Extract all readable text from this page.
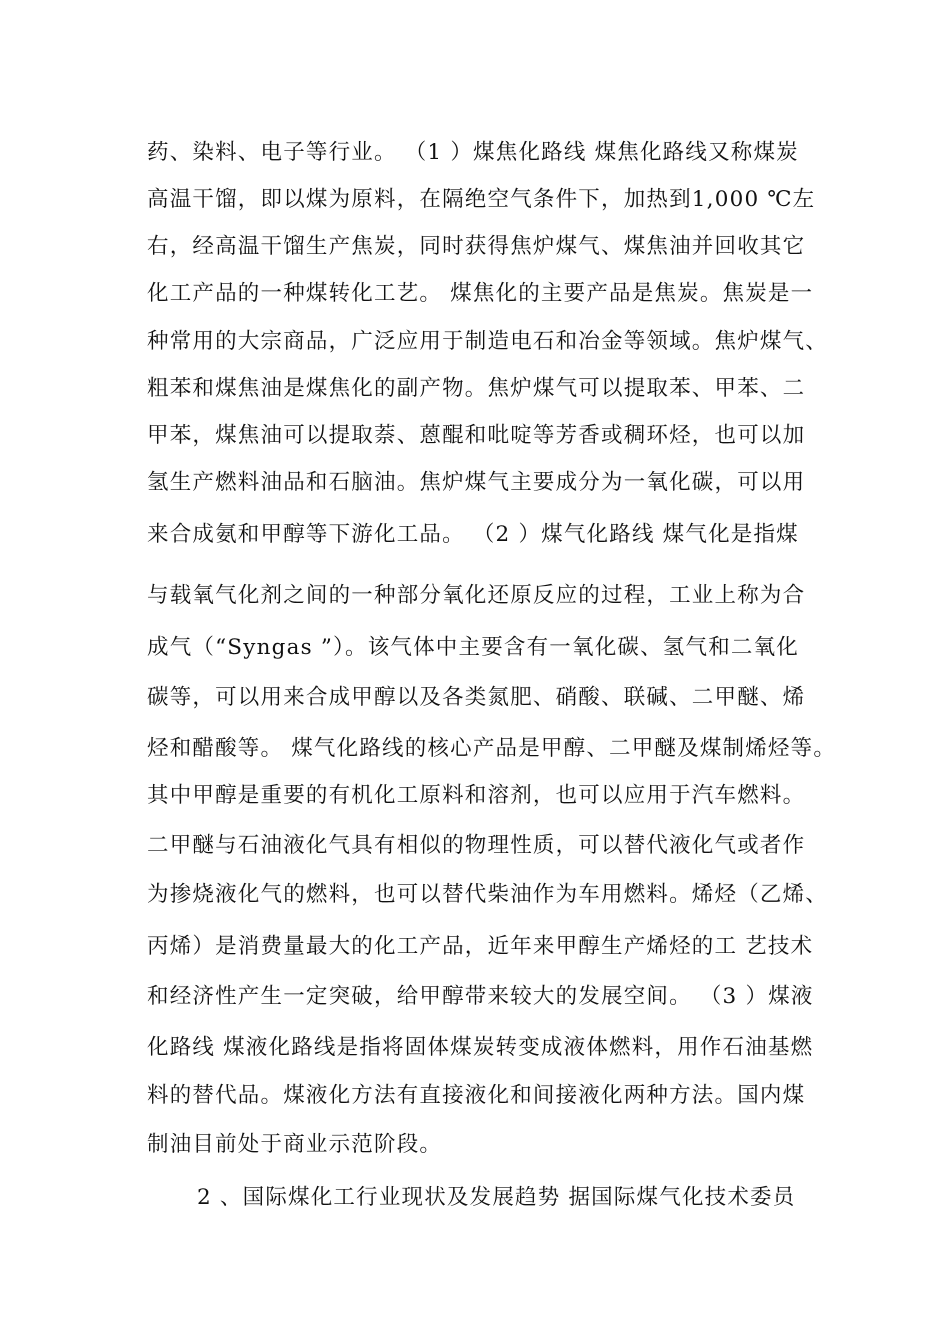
药、染料、电子等行业。 （1 ）煤焦化路线 煤焦化路线又称煤炭
高温干馏，即以煤为原料，在隔绝空气条件下，加热到1,000 ℃左
右，经高温干馏生产焦炭，同时获得焦炉煤气、煤焦油并回收其它
化工产品的一种煤转化工艺。 煤焦化的主要产品是焦炭。焦炭是一
种常用的大宗商品，广泛应用于制造电石和冶金等领域。焦炉煤气、
粗苯和煤焦油是煤焦化的副产物。焦炉煤气可以提取苯、甲苯、二
甲苯，煤焦油可以提取萘、蒽醌和吡啶等芳香或稠环烃，也可以加
氢生产燃料油品和石脑油。焦炉煤气主要成分为一氧化碳，可以用
来合成氨和甲醇等下游化工品。 （2 ）煤气化路线 煤气化是指煤
与载氧气化剂之间的一种部分氧化还原反应的过程，工业上称为合
成气（“Syngas ”）。该气体中主要含有一氧化碳、氢气和二氧化
碳等，可以用来合成甲醇以及各类氮肥、硝酸、联碱、二甲醚、烯
烃和醋酸等。 煤气化路线的核心产品是甲醇、二甲醚及煤制烯烃等。
其中甲醇是重要的有机化工原料和溶剂，也可以应用于汽车燃料。
二甲醚与石油液化气具有相似的物理性质，可以替代液化气或者作
为掺烧液化气的燃料，也可以替代柴油作为车用燃料。烯烃（乙烯、
丙烯）是消费量最大的化工产品，近年来甲醇生产烯烃的工 艺技术
和经济性产生一定突破，给甲醇带来较大的发展空间。 （3 ）煤液
化路线 煤液化路线是指将固体煤炭转变成液体燃料，用作石油基燃
料的替代品。煤液化方法有直接液化和间接液化两种方法。国内煤
制油目前处于商业示范阶段。
2 、国际煤化工行业现状及发展趋势 据国际煤气化技术委员
